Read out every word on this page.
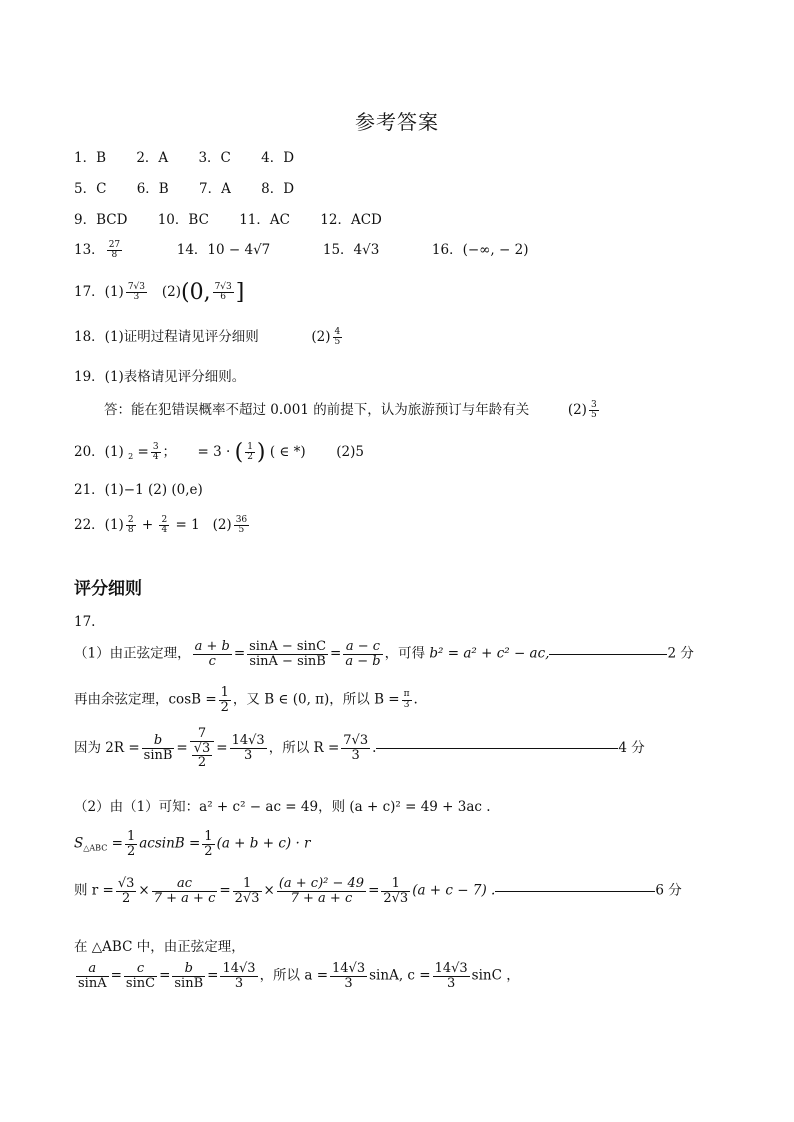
参考答案
1．B 2．A 3．C 4．D
5．C 6．B 7．A 8．D
9．BCD 10．BC 11．AC 12．ACD
13． $\frac{27}{8}$	14．10 − 4√7	15．4√3	16．(−∞, − 2)
17．$(1) \frac{7√3}{3} (2)(0$, $\frac{7√3}{6}$ ]
18．(1)证明过程请见评分细则	$(2) \frac{4}{5}$
19．(1)表格请见评分细则。
答：能在犯错误概率不超过 0.001 的前提下，认为旅游预订与年龄有关	$(2) \frac{3}{5}$
20．(1) $_2 = \frac{3}{4}$ ； = 3 · ( $\frac{1}{2}$ ) ( ∈ *) (2)5
21．(1)−1 (2) (0,e)
22．$(1) \frac{2}{8} + \frac{2}{4} = 1$ $(2) \frac{36}{5}$
评分细则
17.
（1）由正弦定理， $\frac{a + b}{c} = \frac{\sin A - \sin C}{\sin A - \sin B} = \frac{a - c}{a - b}$ ，可得 b² = a² + c² − ac,	2 分
再由余弦定理，$\cos B = \frac{1}{2}$ ，又 B ∈ (0, π)，所以 $B = \frac{\pi}{3}$ .
因为 $2R = \frac{b}{\sin B} = \frac{7}{\frac{√3}{2}} = \frac{14√3}{3}$ ，所以 $R = \frac{7√3}{3}$ .	4 分
（2）由（1）可知：a² + c² − ac = 49，则 (a + c)² = 49 + 3ac .
$S_{\triangle ABC} = \frac{1}{2}$ $acsinB = \frac{1}{2} (a + b + c) \cdot r$
则 $r = \frac{√3}{2} \times \frac{ac}{7 + a + c} = \frac{1}{2√3} \times \frac{\text{(a + c)² − 49}}{7 + a + c} = \frac{1}{2√3} (a + c - 7)$ .	6 分
在 △ABC 中，由正弦定理，
$\frac{a}{\sin A} = \frac{c}{\sin C} = \frac{b}{\sin B} = \frac{14√3}{3}$ ，所以 $a = \frac{14√3}{3} \sin A$, $c = \frac{14√3}{3}$ sinC ，
